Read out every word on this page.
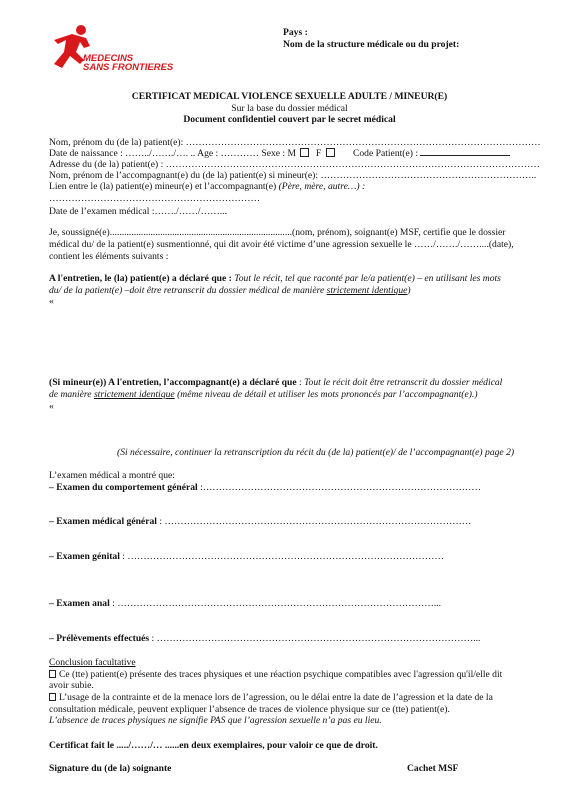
MEDECINS
SANS FRONTIERES
Pays :
Nom de la structure médicale ou du projet:
CERTIFICAT MEDICAL VIOLENCE SEXUELLE ADULTE / MINEUR(E)
Sur la base du dossier médical
Document confidentiel couvert par le secret médical
Nom, prénom du (de la) patient(e): …………………………………………………………………………………………………
Date de naissance : ……../……./…. .. Age : ………… Sexe : M F	Code Patient(e) :
Adresse du (de la) patient(e) : ………………………………………………………………………………………………………
Nom, prénom de l’accompagnant(e) du (de la) patient(e) si mineur(e): …………………………………………………………..
Lien entre le (la) patient(e) mineur(e) et l’accompagnant(e) (Père, mère, autre…) :
…………………………………………………………
Date de l’examen médical :……./……/……...
Je, soussigné(e)............................................................................(nom, prénom), soignant(e) MSF, certifie que le dossier
médical du/ de la patient(e) susmentionné, qui dit avoir été victime d’une agression sexuelle le ……/……./……....(date),
contient les éléments suivants :
A l'entretien, le (la) patient(e) a déclaré que : Tout le récit, tel que raconté par le/a patient(e) – en utilisant les mots
du/ de la patient(e) –doit être retranscrit du dossier médical de manière strictement identique)
«
(Si mineur(e)) A l'entretien, l’accompagnant(e) a déclaré que : Tout le récit doit être retranscrit du dossier médical
de manière strictement identique (même niveau de détail et utiliser les mots prononcés par l’accompagnant(e).)
«
(Si nécessaire, continuer la retranscription du récit du (de la) patient(e)/ de l’accompagnant(e) page 2)
L’examen médical a montré que:
– Examen du comportement général :……………………………………………………………………………
– Examen médical général : ……………………………………………………………………………………
– Examen génital : ………………………………………………………………………………………
– Examen anal : ………………………………………………………………………………………...
– Prélèvements effectués : ………………………………………………………………………………………...
Conclusion facultative
Ce (tte) patient(e) présente des traces physiques et une réaction psychique compatibles avec l'agression qu'il/elle dit
avoir subie.
L’usage de la contrainte et de la menace lors de l’agression, ou le délai entre la date de l’agression et la date de la
consultation médicale, peuvent expliquer l’absence de traces de violence physique sur ce (tte) patient(e).
L’absence de traces physiques ne signifie PAS que l’agression sexuelle n’a pas eu lieu.
Certificat fait le ...../……/… ......en deux exemplaires, pour valoir ce que de droit.
Signature du (de la) soignante	Cachet MSF
